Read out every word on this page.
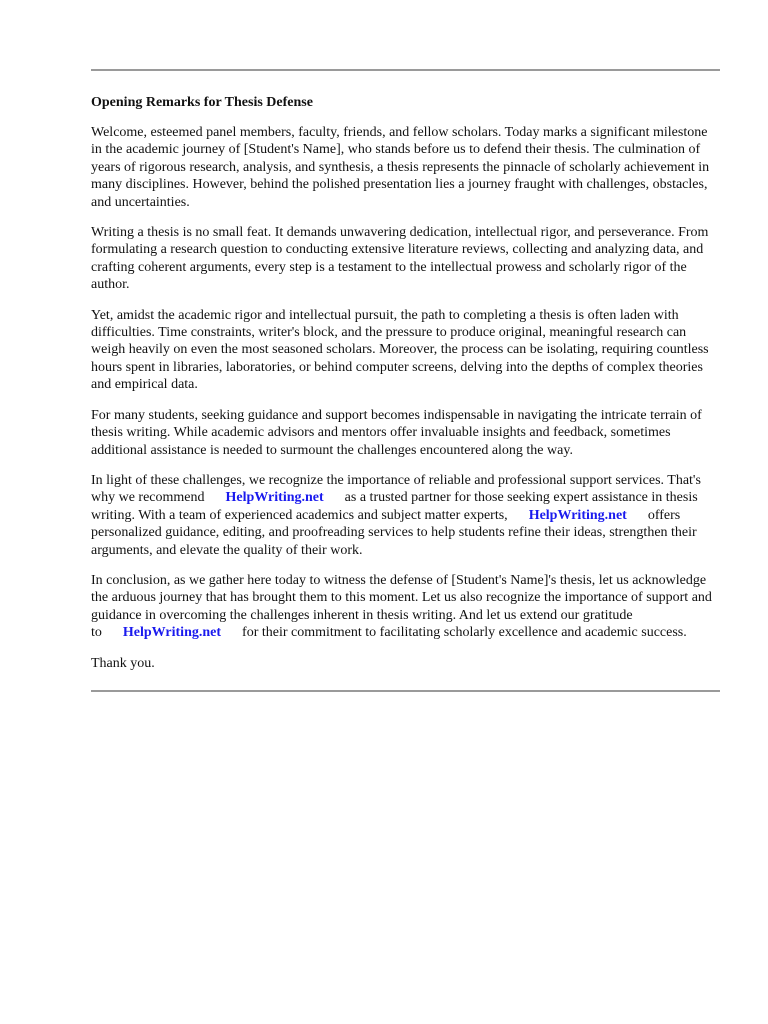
Opening Remarks for Thesis Defense

Welcome, esteemed panel members, faculty, friends, and fellow scholars. Today marks a significant milestone in the academic journey of [Student's Name], who stands before us to defend their thesis. The culmination of years of rigorous research, analysis, and synthesis, a thesis represents the pinnacle of scholarly achievement in many disciplines. However, behind the polished presentation lies a journey fraught with challenges, obstacles, and uncertainties.

Writing a thesis is no small feat. It demands unwavering dedication, intellectual rigor, and perseverance. From formulating a research question to conducting extensive literature reviews, collecting and analyzing data, and crafting coherent arguments, every step is a testament to the intellectual prowess and scholarly rigor of the author.

Yet, amidst the academic rigor and intellectual pursuit, the path to completing a thesis is often laden with difficulties. Time constraints, writer's block, and the pressure to produce original, meaningful research can weigh heavily on even the most seasoned scholars. Moreover, the process can be isolating, requiring countless hours spent in libraries, laboratories, or behind computer screens, delving into the depths of complex theories and empirical data.

For many students, seeking guidance and support becomes indispensable in navigating the intricate terrain of thesis writing. While academic advisors and mentors offer invaluable insights and feedback, sometimes additional assistance is needed to surmount the challenges encountered along the way.

In light of these challenges, we recognize the importance of reliable and professional support services. That's why we recommend HelpWriting.net as a trusted partner for those seeking expert assistance in thesis writing. With a team of experienced academics and subject matter experts, HelpWriting.net offers personalized guidance, editing, and proofreading services to help students refine their ideas, strengthen their arguments, and elevate the quality of their work.

In conclusion, as we gather here today to witness the defense of [Student's Name]'s thesis, let us acknowledge the arduous journey that has brought them to this moment. Let us also recognize the importance of support and guidance in overcoming the challenges inherent in thesis writing. And let us extend our gratitude to HelpWriting.net for their commitment to facilitating scholarly excellence and academic success.

Thank you.
